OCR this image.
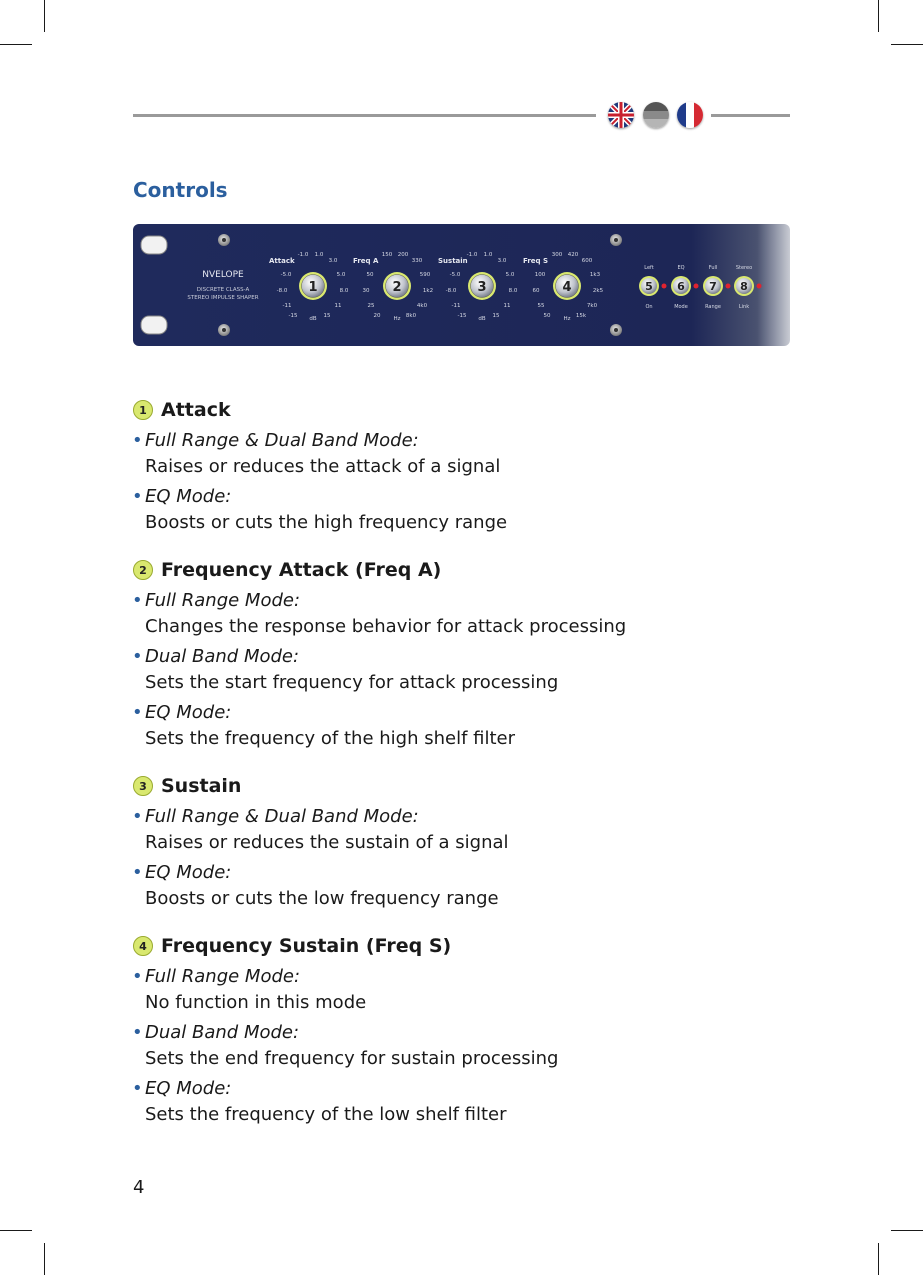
Controls
NVELOPE
DISCRETE CLASS-A
STEREO IMPULSE SHAPER
Attack
-1.0 1.0
3.0
5.0
8.0
11
15
-15
-11
-8.0
-5.0
dB
1
Freq A
150 200
330
590
1k2
4k0
8k0
20
25
30
50
Hz
2
Sustain
-1.0 1.0
3.0
5.0
8.0
11
15
-15
-11
-8.0
-5.0
dB
3
Freq S
300 420
600
1k3
2k5
7k0
15k
50
55
60
100
Hz
4
Left
On
5
EQ
Mode
6
Full
Range
7
Stereo
Link
8
1 Attack
• Full Range & Dual Band Mode:
Raises or reduces the attack of a signal
• EQ Mode:
Boosts or cuts the high frequency range
2 Frequency Attack (Freq A)
• Full Range Mode:
Changes the response behavior for attack processing
• Dual Band Mode:
Sets the start frequency for attack processing
• EQ Mode:
Sets the frequency of the high shelf filter
3 Sustain
• Full Range & Dual Band Mode:
Raises or reduces the sustain of a signal
• EQ Mode:
Boosts or cuts the low frequency range
4 Frequency Sustain (Freq S)
• Full Range Mode:
No function in this mode
• Dual Band Mode:
Sets the end frequency for sustain processing
• EQ Mode:
Sets the frequency of the low shelf filter
4
